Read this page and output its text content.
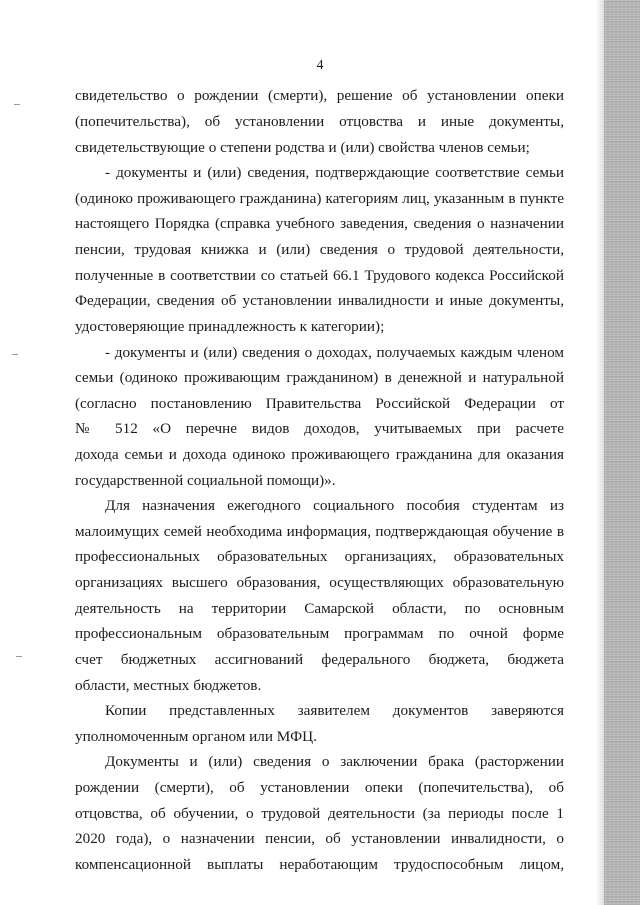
4
свидетельство о рождении (смерти), решение об установлении опеки
(попечительства), об установлении отцовства и иные документы,
свидетельствующие о степени родства и (или) свойства членов семьи;
- документы и (или) сведения, подтверждающие соответствие семьи
(одиноко проживающего гражданина) категориям лиц, указанным в пункте
настоящего Порядка (справка учебного заведения, сведения о назначении
пенсии, трудовая книжка и (или) сведения о трудовой деятельности,
полученные в соответствии со статьей 66.1 Трудового кодекса Российской
Федерации, сведения об установлении инвалидности и иные документы,
удостоверяющие принадлежность к категории);
- документы и (или) сведения о доходах, получаемых каждым членом
семьи (одиноко проживающим гражданином) в денежной и натуральной
(согласно постановлению Правительства Российской Федерации от
№ 512 «О перечне видов доходов, учитываемых при расчете
дохода семьи и дохода одиноко проживающего гражданина для оказания
государственной социальной помощи)».
Для назначения ежегодного социального пособия студентам из
малоимущих семей необходима информация, подтверждающая обучение в
профессиональных образовательных организациях, образовательных
организациях высшего образования, осуществляющих образовательную
деятельность на территории Самарской области, по основным
профессиональным образовательным программам по очной форме
счет бюджетных ассигнований федерального бюджета, бюджета
области, местных бюджетов.
Копии представленных заявителем документов заверяются
уполномоченным органом или МФЦ.
Документы и (или) сведения о заключении брака (расторжении
рождении (смерти), об установлении опеки (попечительства), об
отцовства, об обучении, о трудовой деятельности (за периоды после 1
2020 года), о назначении пенсии, об установлении инвалидности, о
компенсационной выплаты неработающим трудоспособным лицом,
